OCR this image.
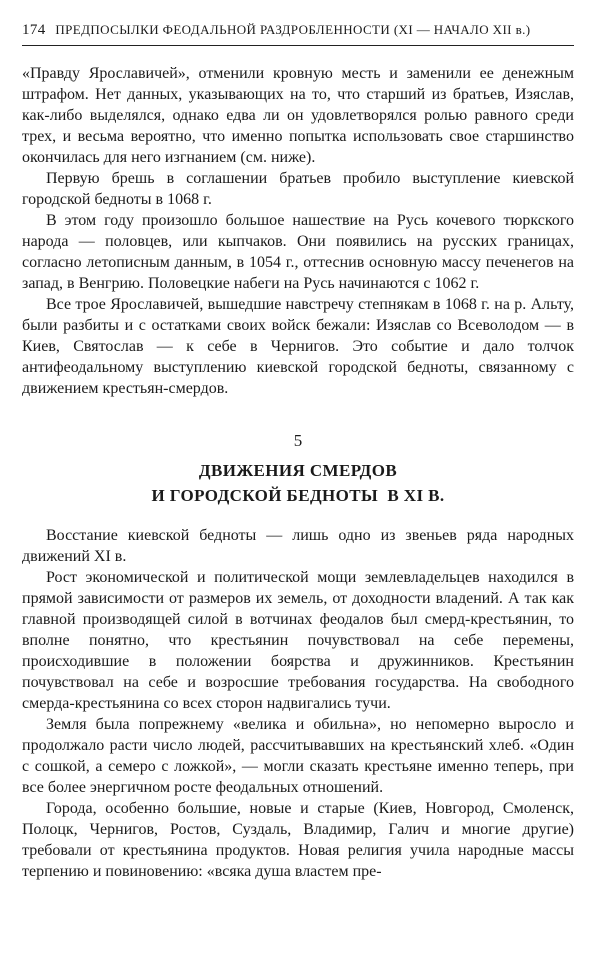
174 ПРЕДПОСЫЛКИ ФЕОДАЛЬНОЙ РАЗДРОБЛЕННОСТИ (XI — НАЧАЛО XII в.)

«Правду Ярославичей», отменили кровную месть и заменили ее денежным штрафом. Нет данных, указывающих на то, что старший из братьев, Изяслав, как-либо выделялся, однако едва ли он удовлетворялся ролью равного среди трех, и весьма вероятно, что именно попытка использовать свое старшинство окончилась для него изгнанием (см. ниже).

Первую брешь в соглашении братьев пробило выступление киевской городской бедноты в 1068 г.

В этом году произошло большое нашествие на Русь кочевого тюркского народа — половцев, или кыпчаков. Они появились на русских границах, согласно летописным данным, в 1054 г., оттеснив основную массу печенегов на запад, в Венгрию. Половецкие набеги на Русь начинаются с 1062 г.

Все трое Ярославичей, вышедшие навстречу степнякам в 1068 г. на р. Альту, были разбиты и с остатками своих войск бежали: Изяслав со Всеволодом — в Киев, Святослав — к себе в Чернигов. Это событие и дало толчок антифеодальному выступлению киевской городской бедноты, связанному с движением крестьян-смердов.

5
ДВИЖЕНИЯ СМЕРДОВ
И ГОРОДСКОЙ БЕДНОТЫ  В XI В.

Восстание киевской бедноты — лишь одно из звеньев ряда народных движений XI в.

Рост экономической и политической мощи землевладельцев находился в прямой зависимости от размеров их земель, от доходности владений. А так как главной производящей силой в вотчинах феодалов был смерд-крестьянин, то вполне понятно, что крестьянин почувствовал на себе перемены, происходившие в положении боярства и дружинников. Крестьянин почувствовал на себе и возросшие требования государства. На свободного смерда-крестьянина со всех сторон надвигались тучи.

Земля была попрежнему «велика и обильна», но непомерно выросло и продолжало расти число людей, рассчитывавших на крестьянский хлеб. «Один с сошкой, а семеро с ложкой», — могли сказать крестьяне именно теперь, при все более энергичном росте феодальных отношений.

Города, особенно большие, новые и старые (Киев, Новгород, Смоленск, Полоцк, Чернигов, Ростов, Суздаль, Владимир, Галич и многие другие) требовали от крестьянина продуктов. Новая религия учила народные массы терпению и повиновению: «всяка душа властем пре-
